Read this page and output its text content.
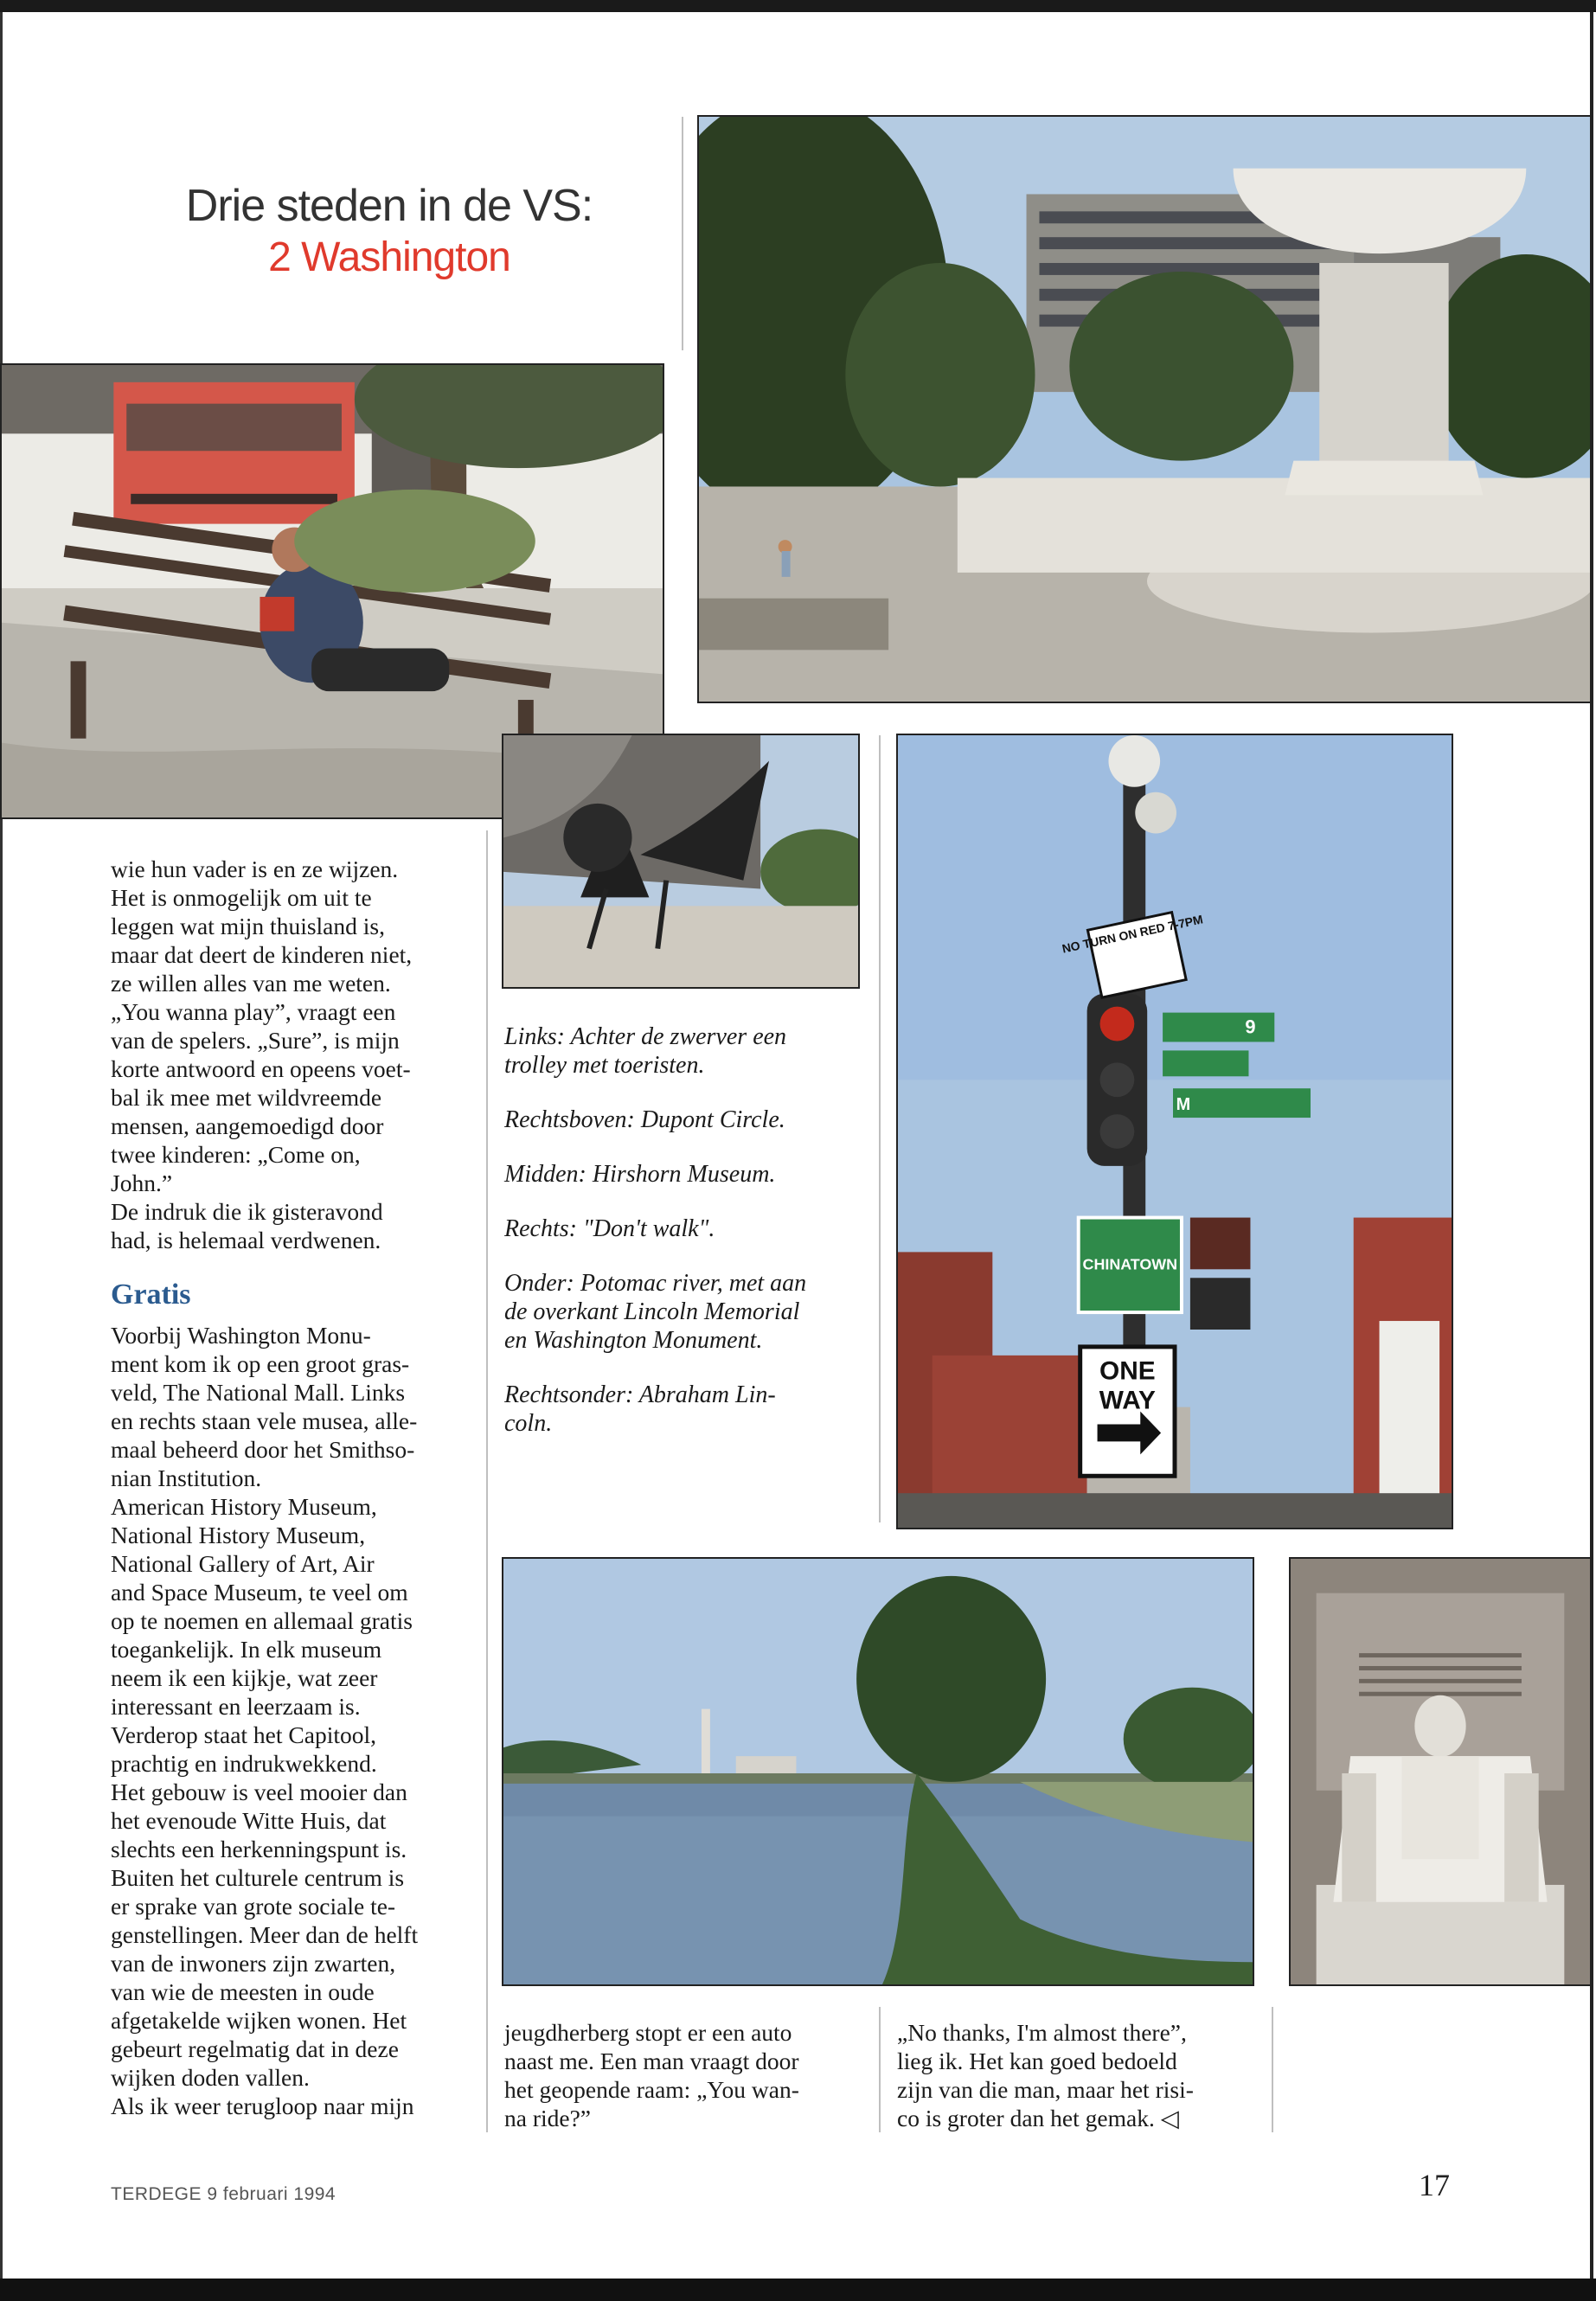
Drie steden in de VS:
2 Washington
NO TURN ON RED 7-7PM
CHINATOWN
ONE
WAY
9
M

wie hun vader is en ze wijzen.

Het is onmogelijk om uit te

leggen wat mijn thuisland is,

maar dat deert de kinderen niet,

ze willen alles van me weten.

„You wanna play”, vraagt een

van de spelers. „Sure”, is mijn

korte antwoord en opeens voet-

bal ik mee met wildvreemde

mensen, aangemoedigd door

twee kinderen: „Come on,

John.”

De indruk die ik gisteravond

had, is helemaal verdwenen.

Gratis

Voorbij Washington Monu-

ment kom ik op een groot gras-

veld, The National Mall. Links

en rechts staan vele musea, alle-

maal beheerd door het Smithso-

nian Institution.

American History Museum,

National History Museum,

National Gallery of Art, Air

and Space Museum, te veel om

op te noemen en allemaal gratis

toegankelijk. In elk museum

neem ik een kijkje, wat zeer

interessant en leerzaam is.

Verderop staat het Capitool,

prachtig en indrukwekkend.

Het gebouw is veel mooier dan

het evenoude Witte Huis, dat

slechts een herkenningspunt is.

Buiten het culturele centrum is

er sprake van grote sociale te-

genstellingen. Meer dan de helft

van de inwoners zijn zwarten,

van wie de meesten in oude

afgetakelde wijken wonen. Het

gebeurt regelmatig dat in deze

wijken doden vallen.

Als ik weer terugloop naar mijn

Links: Achter de zwerver een
trolley met toeristen.

Rechtsboven: Dupont Circle.

Midden: Hirshorn Museum.

Rechts: "Don't walk".

Onder: Potomac river, met aan
de overkant Lincoln Memorial
en Washington Monument.

Rechtsonder: Abraham Lin-
coln.

jeugdherberg stopt er een auto

naast me. Een man vraagt door

het geopende raam: „You wan-

na ride?”

„No thanks, I'm almost there”,

lieg ik. Het kan goed bedoeld

zijn van die man, maar het risi-

co is groter dan het gemak. ◁

TERDEGE 9 februari 1994	17
